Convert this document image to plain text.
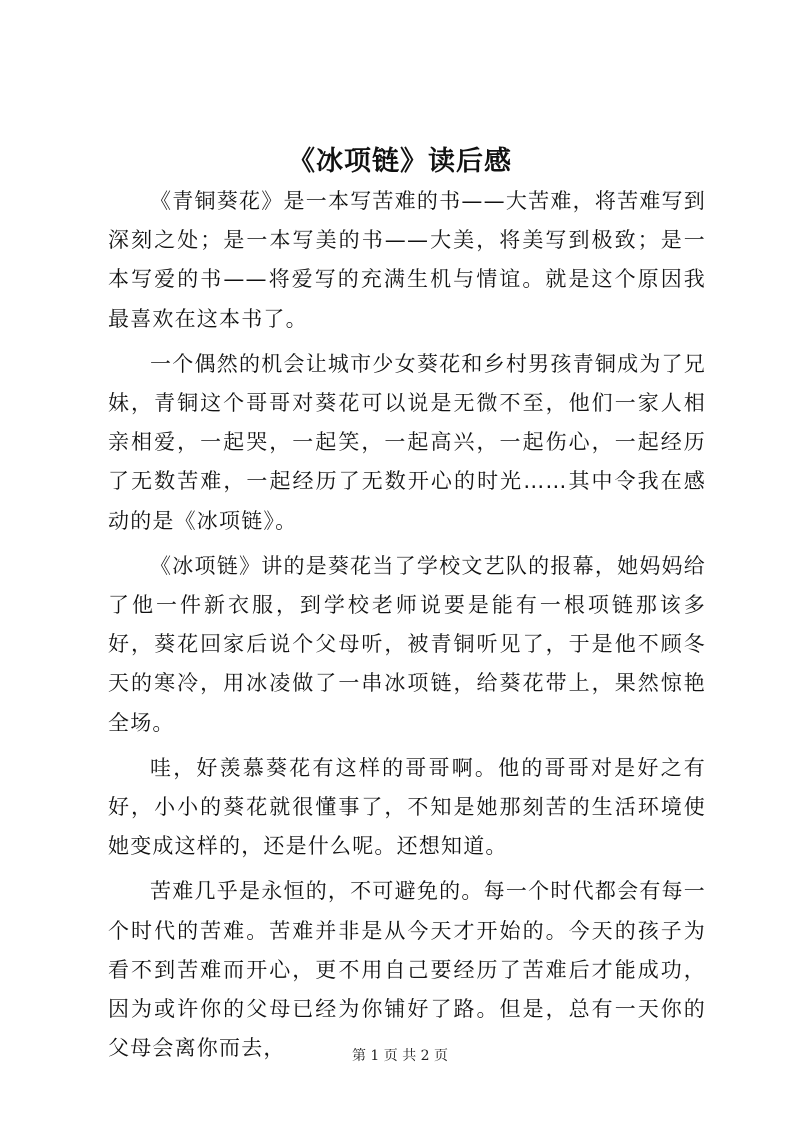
《冰项链》读后感

《青铜葵花》是一本写苦难的书——大苦难，将苦难写到深刻之处；是一本写美的书——大美，将美写到极致；是一本写爱的书——将爱写的充满生机与情谊。就是这个原因我最喜欢在这本书了。

一个偶然的机会让城市少女葵花和乡村男孩青铜成为了兄妹，青铜这个哥哥对葵花可以说是无微不至，他们一家人相亲相爱，一起哭，一起笑，一起高兴，一起伤心，一起经历了无数苦难，一起经历了无数开心的时光……其中令我在感动的是《冰项链》。

《冰项链》讲的是葵花当了学校文艺队的报幕，她妈妈给了他一件新衣服，到学校老师说要是能有一根项链那该多好，葵花回家后说个父母听，被青铜听见了，于是他不顾冬天的寒冷，用冰凌做了一串冰项链，给葵花带上，果然惊艳全场。

哇，好羡慕葵花有这样的哥哥啊。他的哥哥对是好之有好，小小的葵花就很懂事了，不知是她那刻苦的生活环境使她变成这样的，还是什么呢。还想知道。

苦难几乎是永恒的，不可避免的。每一个时代都会有每一个时代的苦难。苦难并非是从今天才开始的。今天的孩子为看不到苦难而开心，更不用自己要经历了苦难后才能成功，因为或许你的父母已经为你铺好了路。但是，总有一天你的父母会离你而去，	第 1 页 共 2 页
